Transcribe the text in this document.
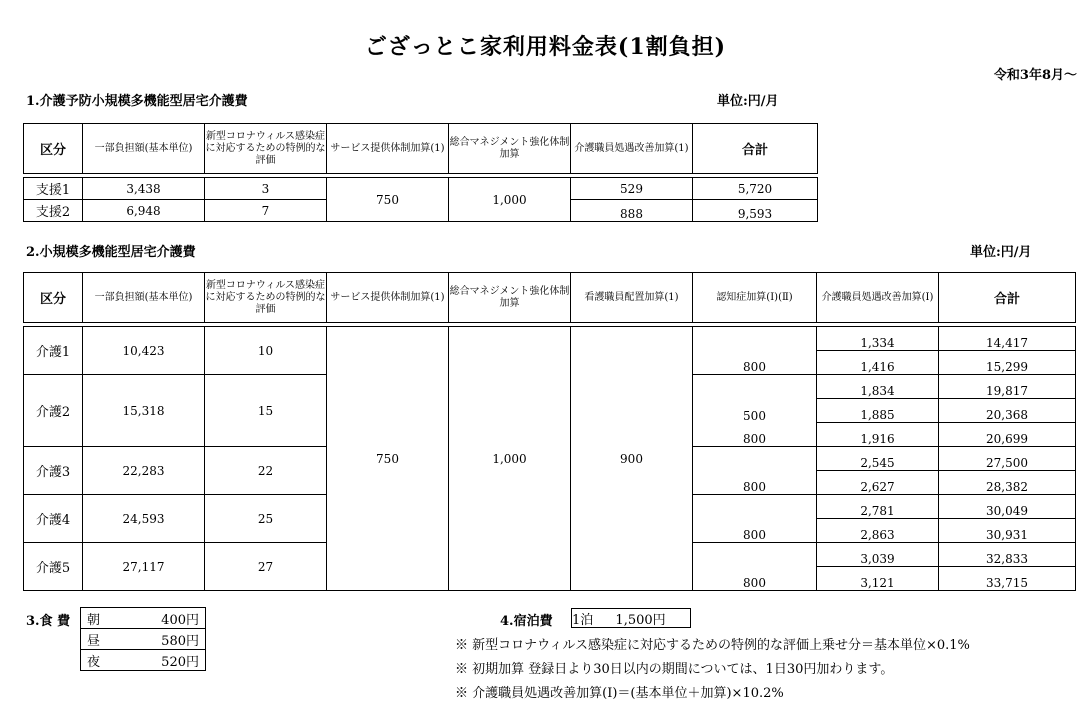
ござっとこ家利用料金表(1割負担)
令和3年8月～
1.介護予防小規模多機能型居宅介護費	単位:円/月
区分	一部負担額(基本単位)	新型コロナウィルス感染症に対応するための特例的な評価	サービス提供体制加算(1)	総合マネジメント強化体制加算	介護職員処遇改善加算(1)	合計

支援1	3,438	3	750	1,000	529	5,720
支援2	6,948	7			888	9,593
2.小規模多機能型居宅介護費	単位:円/月
区分	一部負担額(基本単位)	新型コロナウィルス感染症に対応するための特例的な評価	サービス提供体制加算(1)	総合マネジメント強化体制加算	看護職員配置加算(1)	認知症加算(Ⅰ)(Ⅱ)	介護職員処遇改善加算(Ⅰ)	合計

介護1	10,423	10	750	1,000	900		1,334	14,417
						800	1,416	15,299
介護2	15,318	15					1,834	19,817
						500	1,885	20,368
						800	1,916	20,699
介護3	22,283	22					2,545	27,500
						800	2,627	28,382
介護4	24,593	25					2,781	30,049
						800	2,863	30,931
介護5	27,117	27					3,039	32,833
						800	3,121	33,715
3.食 費 朝	400円
昼	580円
夜	520円
4.宿泊費 1泊 1,500円
※ 新型コロナウィルス感染症に対応するための特例的な評価上乗せ分＝基本単位×0.1%
※ 初期加算 登録日より30日以内の期間については、1日30円加わります。
※ 介護職員処遇改善加算(Ⅰ)＝(基本単位＋加算)×10.2%
